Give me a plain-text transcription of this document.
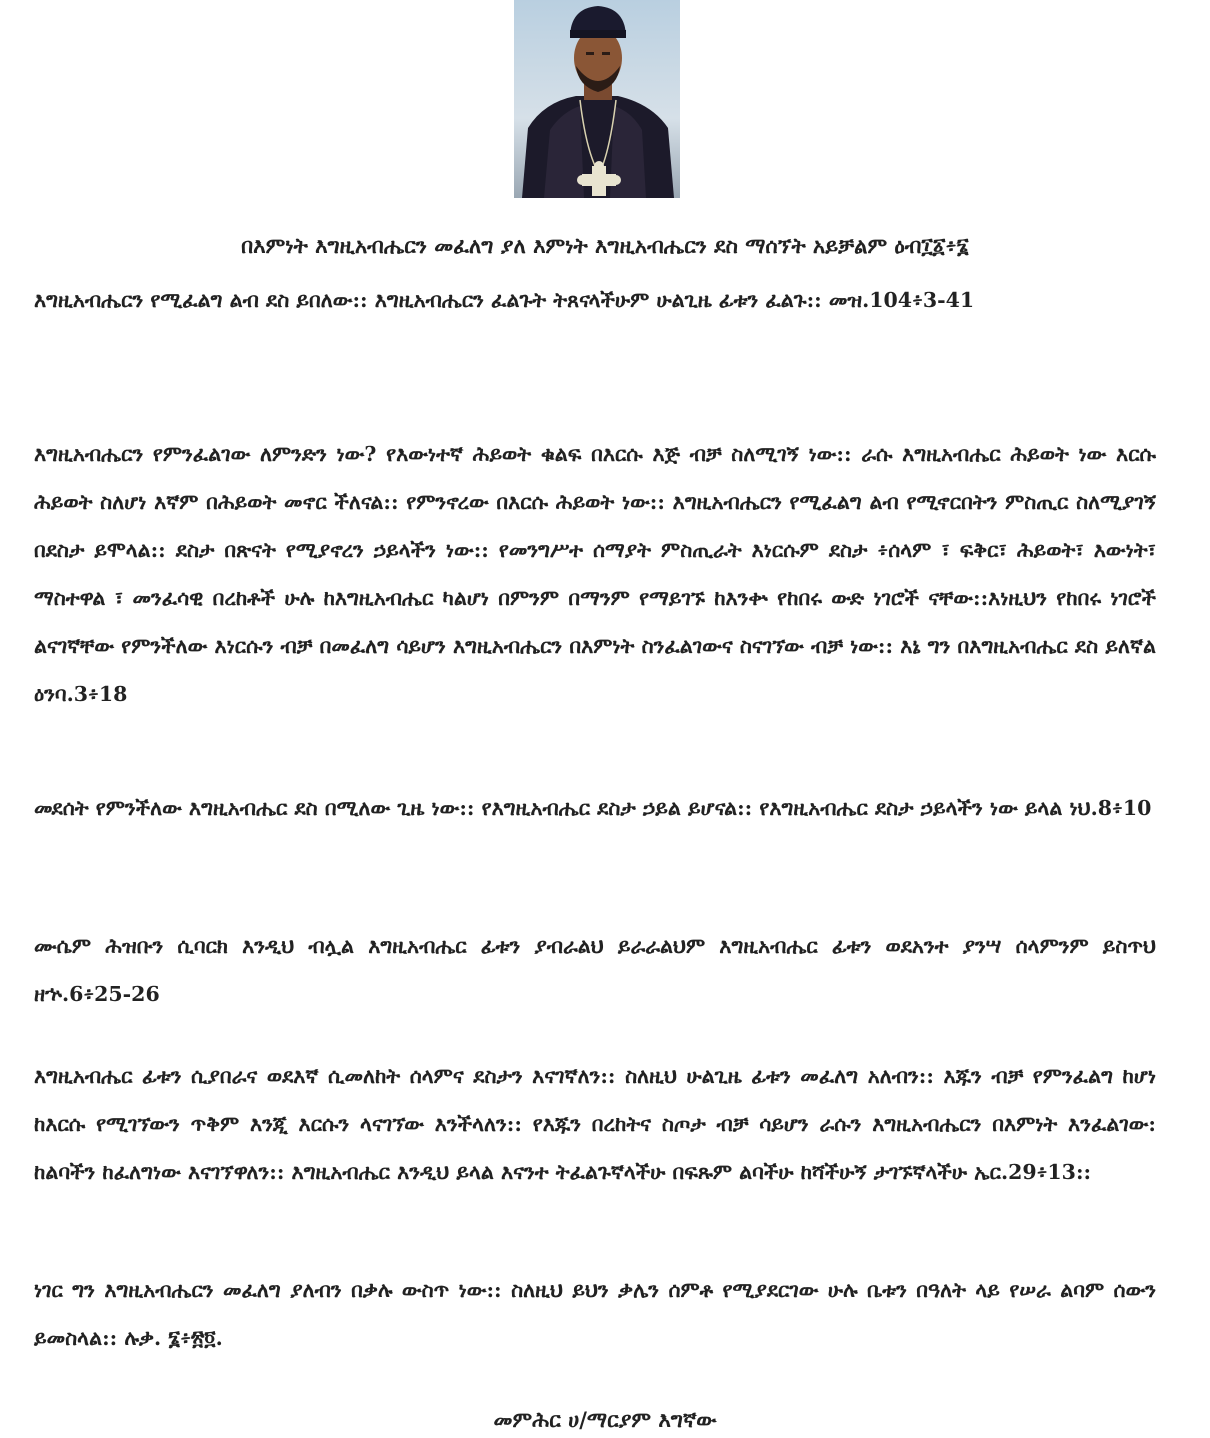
በእምነት እግዚአብሔርን መፈለግ ያለ እምነት እግዚአብሔርን ደስ ማሰኘት አይቻልም ዕብ፲፩፥፮

እግዚአብሔርን የሚፈልግ ልብ ደስ ይበለው:: እግዚአብሔርን ፈልጉት ትጸናላችሁም ሁልጊዜ ፊቱን ፈልጉ:: መዝ.104፥3-41

እግዚአብሔርን የምንፈልገው ለምንድን ነው? የእውነተኛ ሕይወት ቁልፍ በእርሱ እጅ ብቻ ስለሚገኝ ነው:: ራሱ እግዚአብሔር ሕይወት ነው እርሱ ሕይወት ስለሆነ እኛም በሕይወት መኖር ችለናል:: የምንኖረው በእርሱ ሕይወት ነው:: እግዚአብሔርን የሚፈልግ ልብ የሚኖርበትን ምስጢር ስለሚያገኝ በደስታ ይሞላል:: ደስታ በጽናት የሚያኖረን ኃይላችን ነው:: የመንግሥተ ሰማያት ምስጢራት እነርሱም ደስታ ፥ሰላም ፣ ፍቅር፣ ሕይወት፣ እውነት፣ ማስተዋል ፣ መንፈሳዊ በረከቶች ሁሉ ከእግዚአብሔር ካልሆነ በምንም በማንም የማይገኙ ከእንቍ የከበሩ ውድ ነገሮች ናቸው::እነዚህን የከበሩ ነገሮች ልናገኛቸው የምንችለው እነርሱን ብቻ በመፈለግ ሳይሆን እግዚአብሔርን በእምነት ስንፈልገውና ስናገኘው ብቻ ነው:: እኔ ግን በእግዚአብሔር ደስ ይለኛል ዕንባ.3፥18

መደሰት የምንችለው እግዚአብሔር ደስ በሚለው ጊዜ ነው:: የእግዚአብሔር ደስታ ኃይል ይሆናል:: የእግዚአብሔር ደስታ ኃይላችን ነው ይላል ነህ.8፥10

ሙሴም ሕዝቡን ሲባርክ እንዲህ ብሏል እግዚአብሔር ፊቱን ያብራልህ ይራራልህም እግዚአብሔር ፊቱን ወደአንተ ያንሣ ሰላምንም ይስጥህ ዘኍ.6፥25-26

እግዚአብሔር ፊቱን ሲያበራና ወደእኛ ሲመለከት ሰላምና ደስታን እናገኛለን:: ስለዚህ ሁልጊዜ ፊቱን መፈለግ አለብን:: እጁን ብቻ የምንፈልግ ከሆነ ከእርሱ የሚገኘውን ጥቅም እንጂ እርሱን ላናገኘው እንችላለን:: የእጁን በረከትና ስጦታ ብቻ ሳይሆን ራሱን እግዚአብሔርን በእምነት እንፈልገው: ከልባችን ከፈለግነው እናገኘዋለን:: እግዚአብሔር እንዲህ ይላል እናንተ ትፈልጉኛላችሁ በፍጹም ልባችሁ ከሻችሁኝ ታገኙኛላችሁ ኤር.29፥13::

ነገር ግን እግዚአብሔርን መፈለግ ያለብን በቃሉ ውስጥ ነው:: ስለዚህ ይህን ቃሌን ሰምቶ የሚያደርገው ሁሉ ቤቱን በዓለት ላይ የሠራ ልባም ሰውን ይመስላል:: ሉቃ. ፮፥፳፬.

መምሕር ሀ/ማርያም እግኛው
